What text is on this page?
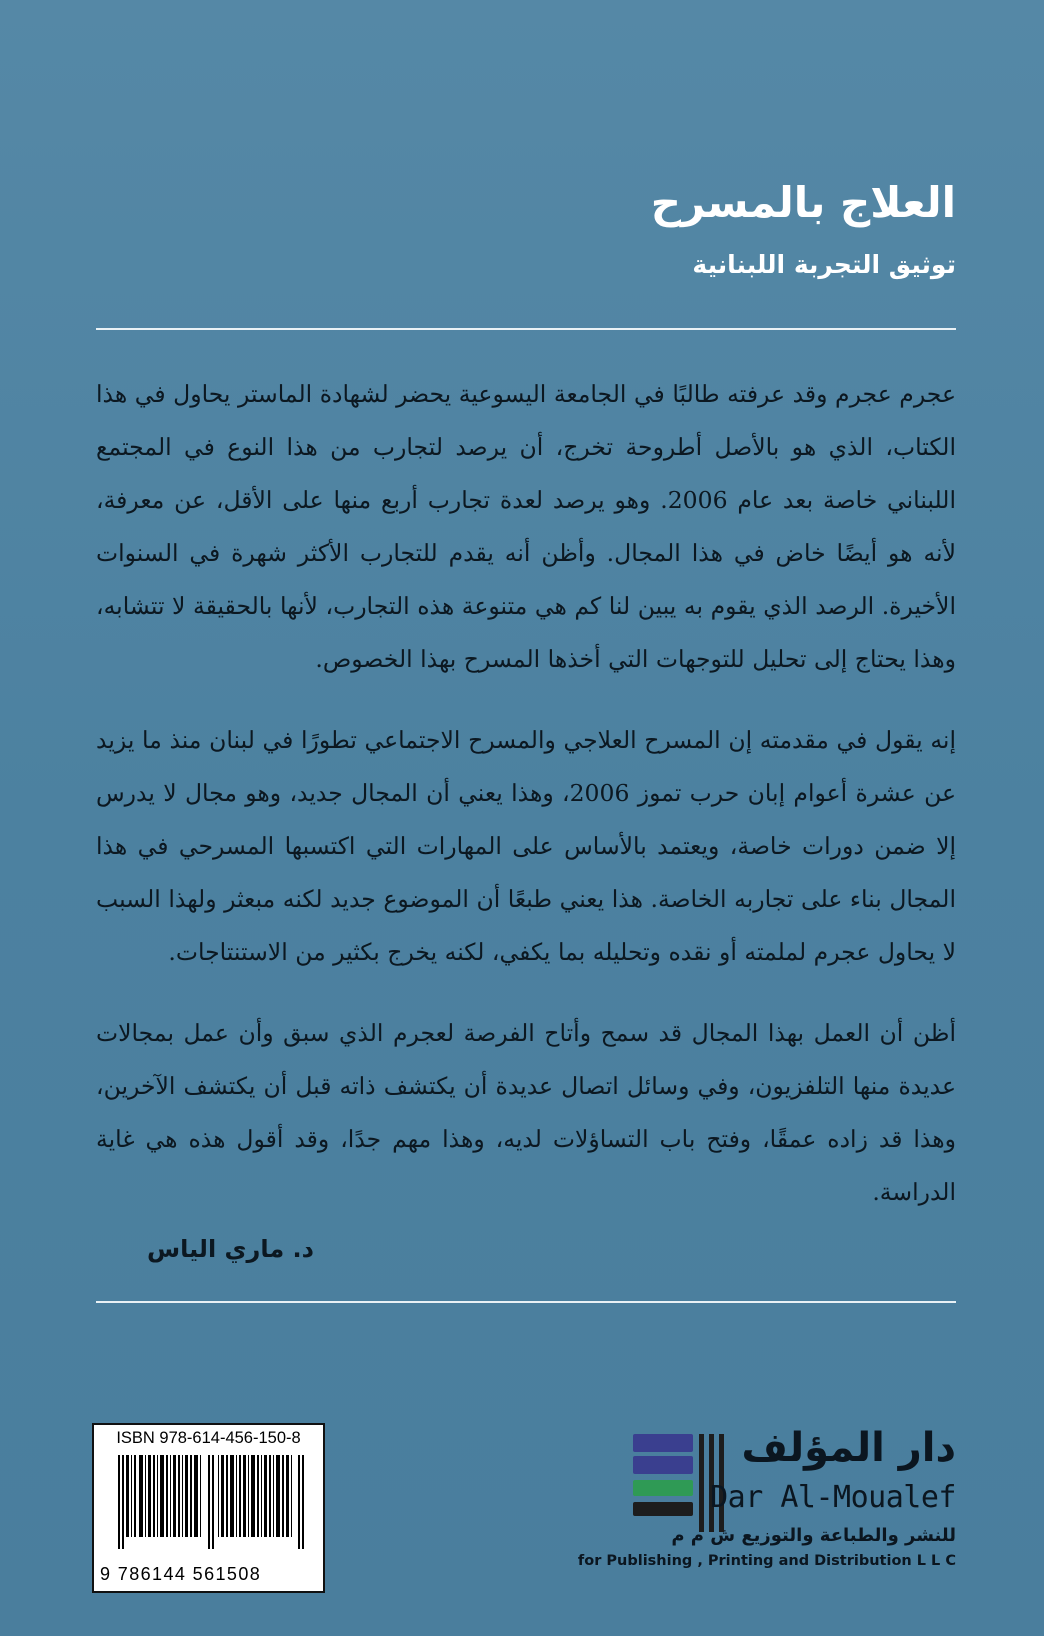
العلاج بالمسرح
توثيق التجربة اللبنانية

عجرم عجرم وقد عرفته طالبًا في الجامعة اليسوعية يحضر لشهادة الماستر يحاول في هذا الكتاب، الذي هو بالأصل أطروحة تخرج، أن يرصد لتجارب من هذا النوع في المجتمع اللبناني خاصة بعد عام 2006. وهو يرصد لعدة تجارب أربع منها على الأقل، عن معرفة، لأنه هو أيضًا خاض في هذا المجال. وأظن أنه يقدم للتجارب الأكثر شهرة في السنوات الأخيرة. الرصد الذي يقوم به يبين لنا كم هي متنوعة هذه التجارب، لأنها بالحقيقة لا تتشابه، وهذا يحتاج إلى تحليل للتوجهات التي أخذها المسرح بهذا الخصوص.

إنه يقول في مقدمته إن المسرح العلاجي والمسرح الاجتماعي تطورًا في لبنان منذ ما يزيد عن عشرة أعوام إبان حرب تموز 2006، وهذا يعني أن المجال جديد، وهو مجال لا يدرس إلا ضمن دورات خاصة، ويعتمد بالأساس على المهارات التي اكتسبها المسرحي في هذا المجال بناء على تجاربه الخاصة. هذا يعني طبعًا أن الموضوع جديد لكنه مبعثر ولهذا السبب لا يحاول عجرم لملمته أو نقده وتحليله بما يكفي، لكنه يخرج بكثير من الاستنتاجات.

أظن أن العمل بهذا المجال قد سمح وأتاح الفرصة لعجرم الذي سبق وأن عمل بمجالات عديدة منها التلفزيون، وفي وسائل اتصال عديدة أن يكتشف ذاته قبل أن يكتشف الآخرين، وهذا قد زاده عمقًا، وفتح باب التساؤلات لديه، وهذا مهم جدًا، وقد أقول هذه هي غاية الدراسة.

د. ماري الياس
ISBN 978-614-456-150-8
9 786144 561508
دار المؤلف
Dar Al-Moualef
للنشر والطباعة والتوزيع ش م م
for Publishing , Printing and Distribution L L C
